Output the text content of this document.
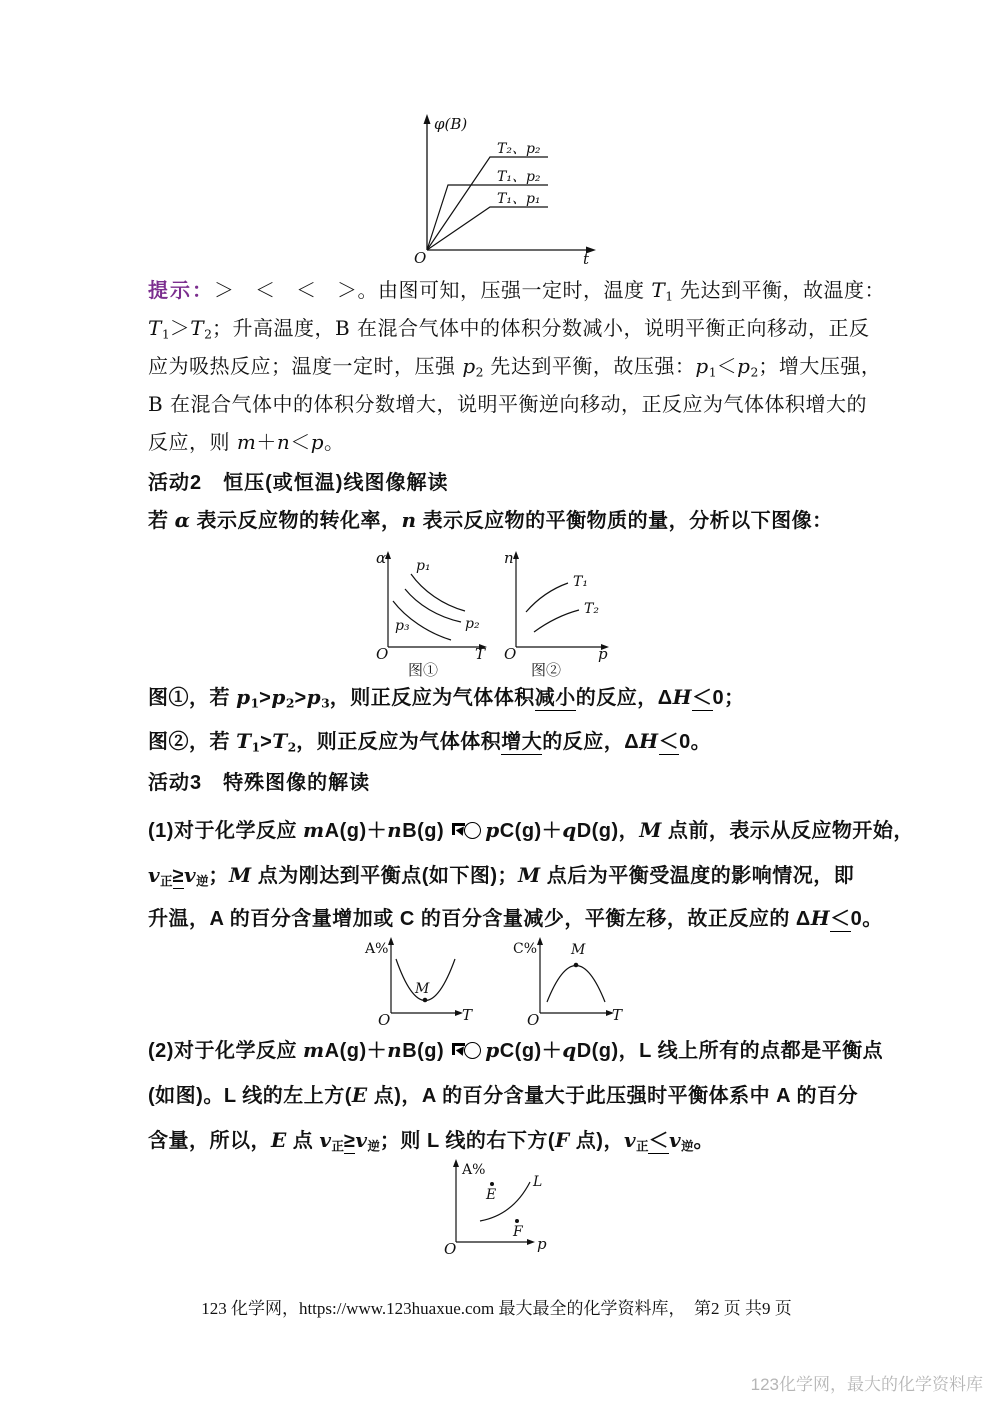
φ(B)
T₂、p₂
T₁、p₂
T₁、p₁
O	t
提示：＞　＜　＜　＞。由图可知，压强一定时，温度 $T_1$ 先达到平衡，故温度：
$T_1>T_2$；升高温度，B 在混合气体中的体积分数减小，说明平衡正向移动，正反
应为吸热反应；温度一定时，压强 $p_2$ 先达到平衡，故压强：$p_1<p_2$；增大压强，
B 在混合气体中的体积分数增大，说明平衡逆向移动，正反应为气体体积增大的
反应，则 m＋n＜p。
活动2　恒压(或恒温)线图像解读
若 α 表示反应物的转化率，n 表示反应物的平衡物质的量，分析以下图像：
α p₁
p₂
p₃
O	T
图①
n
T₁
T₂
O	p
图②
图①，若 $p_1>p_2>p_3$，则正反应为气体体积减小的反应，ΔH＜0；
图②，若 $T_1>T_2$，则正反应为气体体积增大的反应，ΔH＜0。
活动3　特殊图像的解读
(1)对于化学反应 mA(g)＋nB(g)
pC(g)＋qD(g)，M 点前，表示从反应物开始，
$v_正\ge v_逆$；M 点为刚达到平衡点(如下图)；M 点后为平衡受温度的影响情况，即
升温，A 的百分含量增加或 C 的百分含量减少，平衡左移，故正反应的 ΔH＜0。
A%
M
O	T
C% M
O	T
(2)对于化学反应 mA(g)＋nB(g)
pC(g)＋qD(g)，L 线上所有的点都是平衡点
(如图)。L 线的左上方(E 点)，A 的百分含量大于此压强时平衡体系中 A 的百分
含量，所以，E 点 $v_正\ge v_逆$；则 L 线的右下方(F 点)，$v_正<v_逆$。
A%
L
E
F
O	p
123 化学网，https://www.123huaxue.com 最大最全的化学资料库，　第2 页 共9 页
123化学网，最大的化学资料库
